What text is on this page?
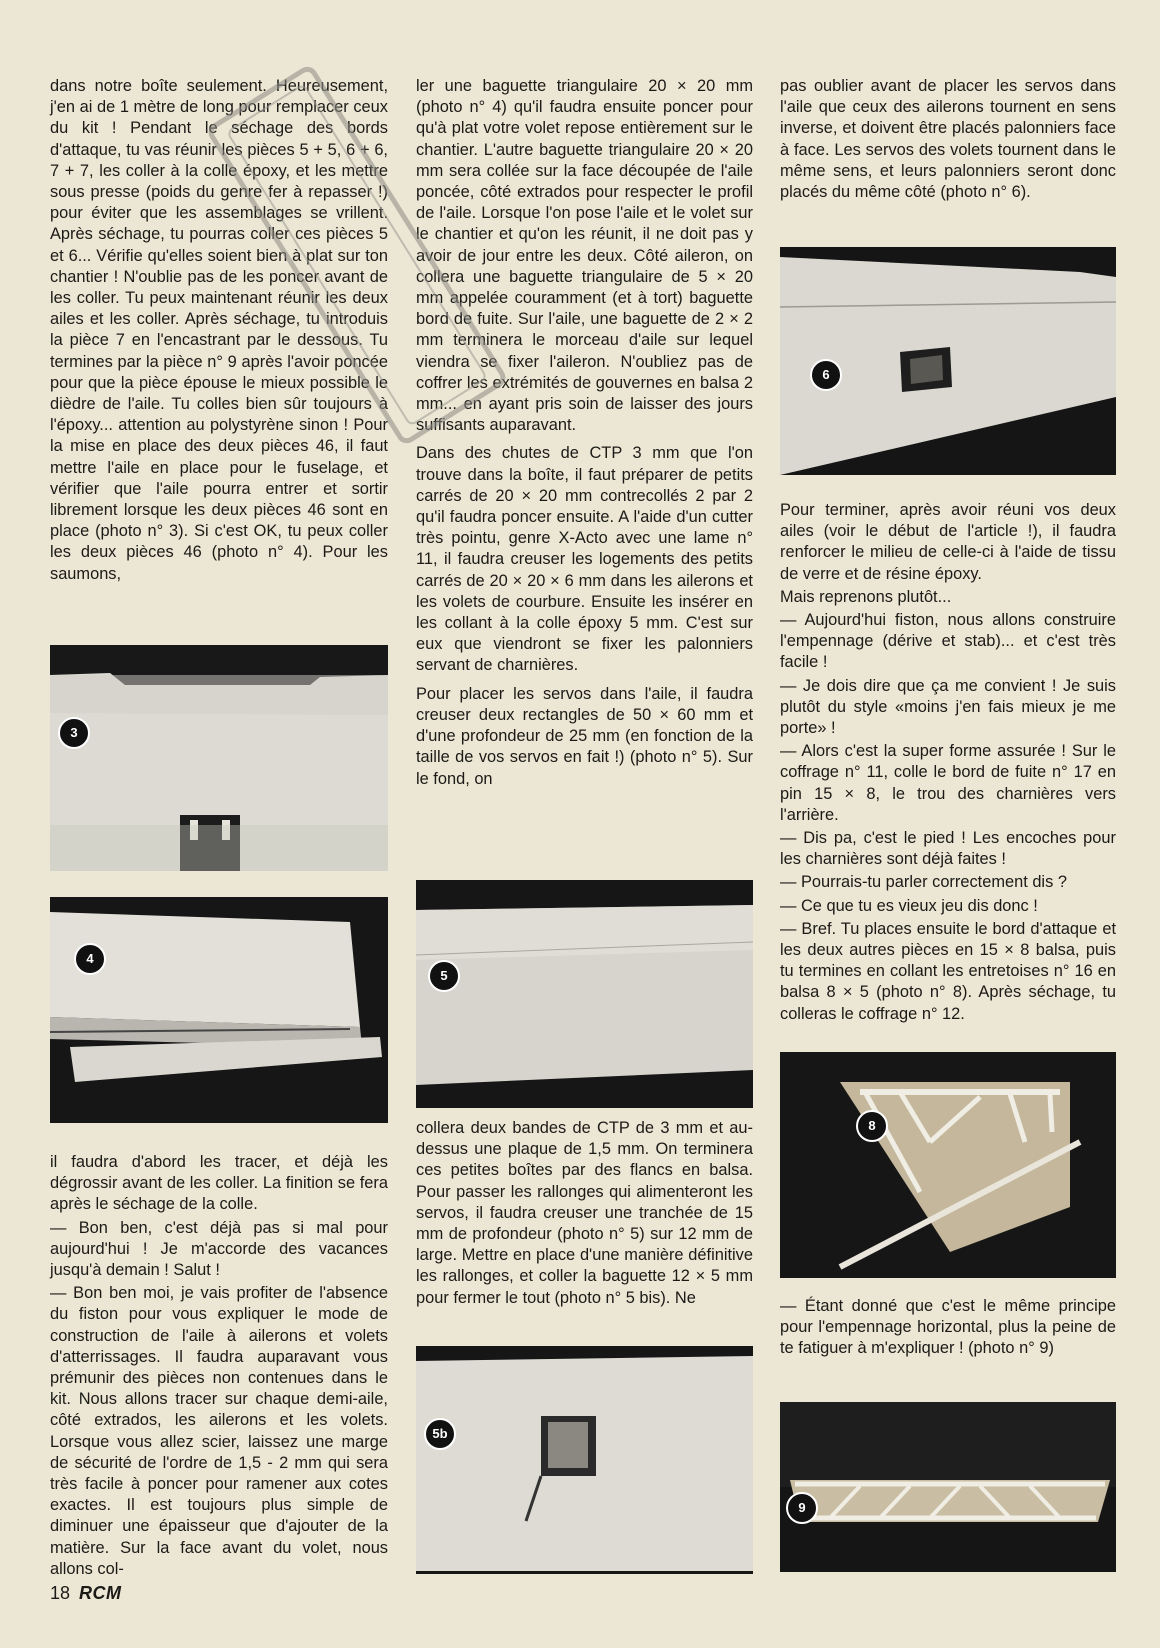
dans notre boîte seulement. Heureusement, j'en ai de 1 mètre de long pour remplacer ceux du kit ! Pendant le séchage des bords d'attaque, tu vas réunir les pièces 5 + 5, 6 + 6, 7 + 7, les coller à la colle époxy, et les mettre sous presse (poids du genre fer à repasser !) pour éviter que les assemblages se vrillent. Après séchage, tu pourras coller ces pièces 5 et 6... Vérifie qu'elles soient bien à plat sur ton chantier ! N'oublie pas de les poncer avant de les coller. Tu peux maintenant réunir les deux ailes et les coller. Après séchage, tu introduis la pièce 7 en l'encastrant par le dessous. Tu termines par la pièce n° 9 après l'avoir poncée pour que la pièce épouse le mieux possible le dièdre de l'aile. Tu colles bien sûr toujours à l'époxy... attention au polystyrène sinon ! Pour la mise en place des deux pièces 46, il faut mettre l'aile en place pour le fuselage, et vérifier que l'aile pourra entrer et sortir librement lorsque les deux pièces 46 sont en place (photo n° 3). Si c'est OK, tu peux coller les deux pièces 46 (photo n° 4). Pour les saumons,

3
4

il faudra d'abord les tracer, et déjà les dégrossir avant de les coller. La finition se fera après le séchage de la colle.

— Bon ben, c'est déjà pas si mal pour aujourd'hui ! Je m'accorde des vacances jusqu'à demain ! Salut !

— Bon ben moi, je vais profiter de l'absence du fiston pour vous expliquer le mode de construction de l'aile à ailerons et volets d'atterrissages. Il faudra auparavant vous prémunir des pièces non contenues dans le kit. Nous allons tracer sur chaque demi-aile, côté extrados, les ailerons et les volets. Lorsque vous allez scier, laissez une marge de sécurité de l'ordre de 1,5 - 2 mm qui sera très facile à poncer pour ramener aux cotes exactes. Il est toujours plus simple de diminuer une épaisseur que d'ajouter de la matière. Sur la face avant du volet, nous allons col-

ler une baguette triangulaire 20 × 20 mm (photo n° 4) qu'il faudra ensuite poncer pour qu'à plat votre volet repose entièrement sur le chantier. L'autre baguette triangulaire 20 × 20 mm sera collée sur la face découpée de l'aile poncée, côté extrados pour respecter le profil de l'aile. Lorsque l'on pose l'aile et le volet sur le chantier et qu'on les réunit, il ne doit pas y avoir de jour entre les deux. Côté aileron, on collera une baguette triangulaire de 5 × 20 mm appelée couramment (et à tort) baguette bord de fuite. Sur l'aile, une baguette de 2 × 2 mm terminera le morceau d'aile sur lequel viendra se fixer l'aileron. N'oubliez pas de coffrer les extrémités de gouvernes en balsa 2 mm... en ayant pris soin de laisser des jours suffisants auparavant.

Dans des chutes de CTP 3 mm que l'on trouve dans la boîte, il faut préparer de petits carrés de 20 × 20 mm contrecollés 2 par 2 qu'il faudra poncer ensuite. A l'aide d'un cutter très pointu, genre X-Acto avec une lame n° 11, il faudra creuser les logements des petits carrés de 20 × 20 × 6 mm dans les ailerons et les volets de courbure. Ensuite les insérer en les collant à la colle époxy 5 mm. C'est sur eux que viendront se fixer les palonniers servant de charnières.

Pour placer les servos dans l'aile, il faudra creuser deux rectangles de 50 × 60 mm et d'une profondeur de 25 mm (en fonction de la taille de vos servos en fait !) (photo n° 5). Sur le fond, on

5

collera deux bandes de CTP de 3 mm et au-dessus une plaque de 1,5 mm. On terminera ces petites boîtes par des flancs en balsa. Pour passer les rallonges qui alimenteront les servos, il faudra creuser une tranchée de 15 mm de profondeur (photo n° 5) sur 12 mm de large. Mettre en place d'une manière définitive les rallonges, et coller la baguette 12 × 5 mm pour fermer le tout (photo n° 5 bis). Ne

5b

pas oublier avant de placer les servos dans l'aile que ceux des ailerons tournent en sens inverse, et doivent être placés palonniers face à face. Les servos des volets tournent dans le même sens, et leurs palonniers seront donc placés du même côté (photo n° 6).

6

Pour terminer, après avoir réuni vos deux ailes (voir le début de l'article !), il faudra renforcer le milieu de celle-ci à l'aide de tissu de verre et de résine époxy.

Mais reprenons plutôt...

— Aujourd'hui fiston, nous allons construire l'empennage (dérive et stab)... et c'est très facile !

— Je dois dire que ça me convient ! Je suis plutôt du style «moins j'en fais mieux je me porte» !

— Alors c'est la super forme assurée ! Sur le coffrage n° 11, colle le bord de fuite n° 17 en pin 15 × 8, le trou des charnières vers l'arrière.

— Dis pa, c'est le pied ! Les encoches pour les charnières sont déjà faites !

— Pourrais-tu parler correctement dis ?

— Ce que tu es vieux jeu dis donc !

— Bref. Tu places ensuite le bord d'attaque et les deux autres pièces en 15 × 8 balsa, puis tu termines en collant les entretoises n° 16 en balsa 8 × 5 (photo n° 8). Après séchage, tu colleras le coffrage n° 12.

8

— Étant donné que c'est le même principe pour l'empennage horizontal, plus la peine de te fatiguer à m'expliquer ! (photo n° 9)

9
18 RCM
